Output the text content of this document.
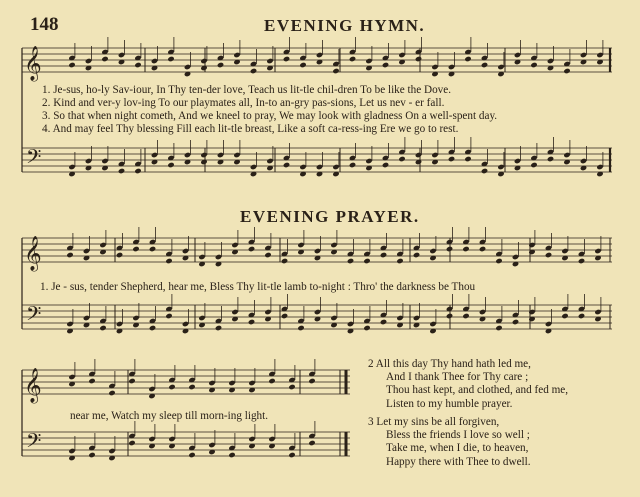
𝄞
𝄢
𝄞
𝄢
𝄞
𝄢
148	EVENING HYMN.
1. Je-sus, ho-ly Sav-iour, In Thy ten-der love, Teach us lit-tle chil-dren To be like the Dove.
2. Kind and ver-y lov-ing To our playmates all, In-to an-gry pas-sions, Let us nev - er fall.
3. So that when night cometh, And we kneel to pray, We may look with gladness On a well-spent day.
4. And may feel Thy blessing Fill each lit-tle breast, Like a soft ca-ress-ing Ere we go to rest.
EVENING PRAYER.
1. Je - sus, tender Shepherd, hear me, Bless Thy lit-tle lamb to-night : Thro' the darkness be Thou
near me, Watch my sleep till morn-ing light.
2 All this day Thy hand hath led me,
And I thank Thee for Thy care ;
Thou hast kept, and clothed, and fed me,
Listen to my humble prayer.
3 Let my sins be all forgiven,
Bless the friends I love so well ;
Take me, when I die, to heaven,
Happy there with Thee to dwell.
